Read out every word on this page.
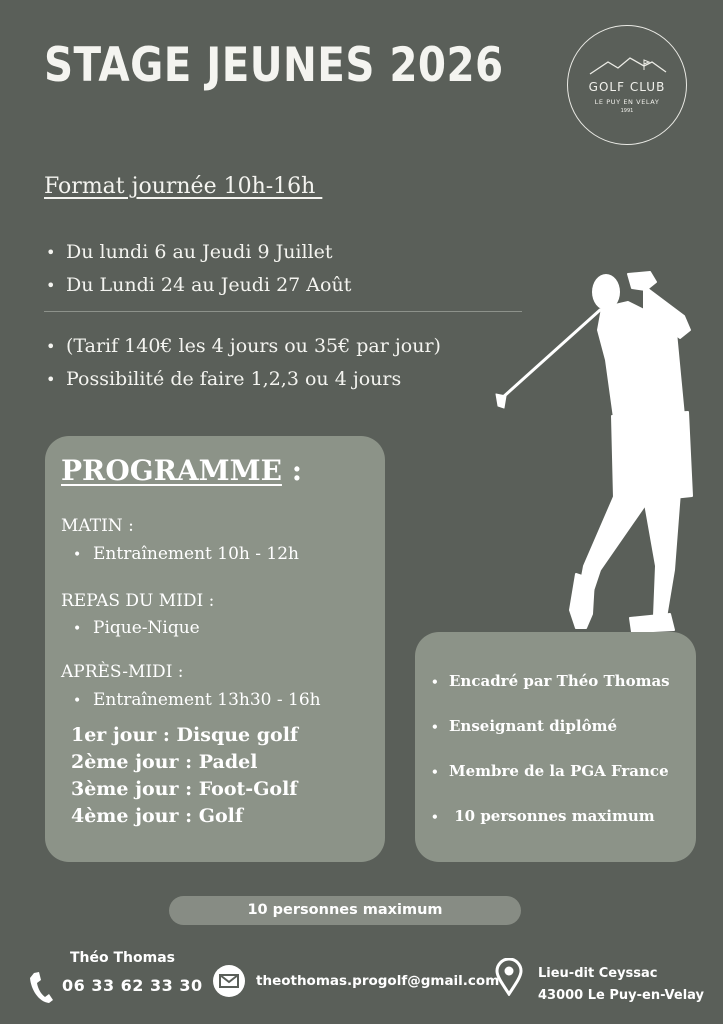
STAGE JEUNES 2026	GOLF CLUB
LE PUY EN VELAY
1991
Format journée 10h-16h
• Du lundi 6 au Jeudi 9 Juillet
• Du Lundi 24 au Jeudi 27 Août
• (Tarif 140€ les 4 jours ou 35€ par jour)
• Possibilité de faire 1,2,3 ou 4 jours
PROGRAMME :
MATIN :
• Entraînement 10h - 12h
REPAS DU MIDI :
• Pique-Nique
APRÈS-MIDI :
• Entraînement 13h30 - 16h
1er jour : Disque golf
2ème jour : Padel
3ème jour : Foot-Golf
4ème jour : Golf
• Encadré par Théo Thomas
• Enseignant diplômé
• Membre de la PGA France
• 10 personnes maximum
10 personnes maximum
Théo Thomas
06 33 62 33 30	theothomas.progolf@gmail.com	Lieu-dit Ceyssac
43000 Le Puy-en-Velay
